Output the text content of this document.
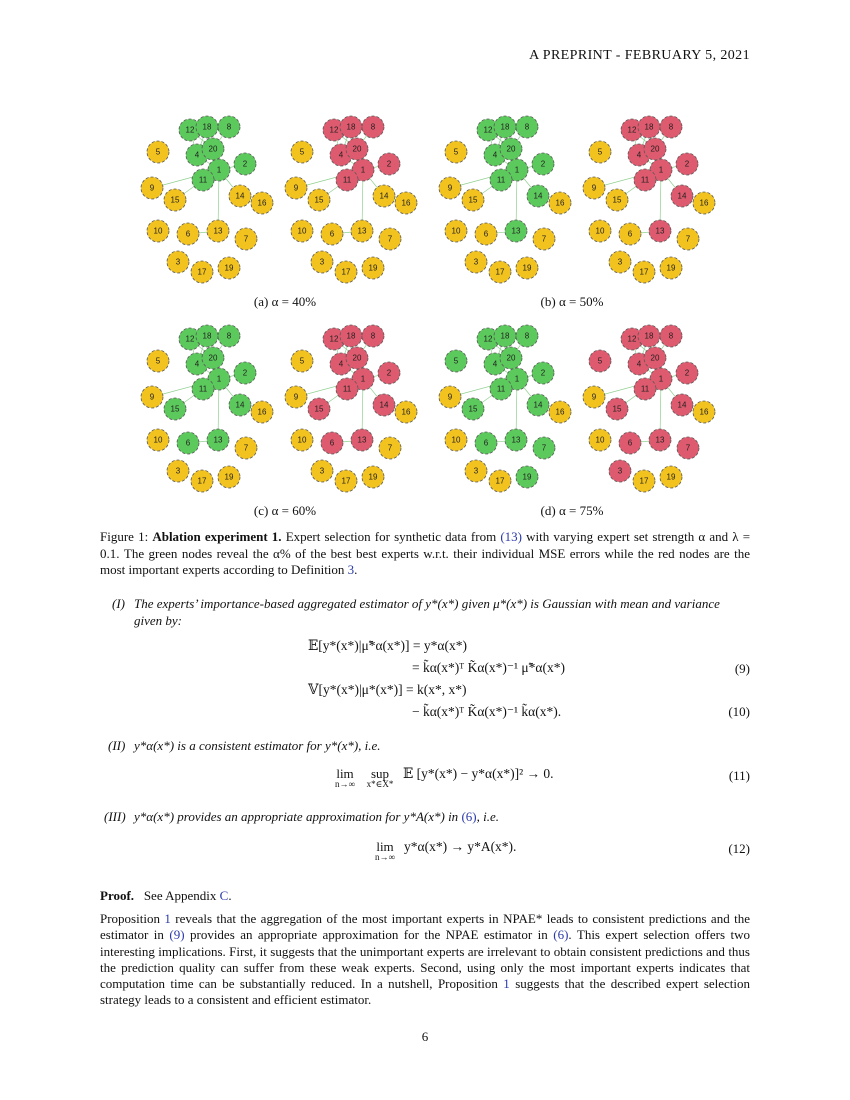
A PREPRINT - FEBRUARY 5, 2021
1
2
3
4
5
6
7
8
9
10
11
12
13
14
15	16
17
18
19
20
1
2
3
4
5
6
7
8
9
10
11
12
13
14
15	16
17
18
19
20
1
2
3
4
5
6
7
8
9
10
11
12
13
14
15	16
17
18
19
20
1
2
3
4
5
6
7
8
9
10
11
12
13
14
15	16
17
18
19
20
1
2
3
4
5
6
7
8
9
10
11
12
13
14
15	16
17
18
19
20
1
2
3
4
5
6
7
8
9
10
11
12
13
14
15	16
17
18
19
20
1
2
3
4
5
6
7
8
9
10
11
12
13
14
15	16
17
18
19
20
1
2
3
4
5
6
7
8
9
10
11
12
13
14
15	16
17
18
19
20
(a) α = 40%	(b) α = 50%
(c) α = 60%	(d) α = 75%
Figure 1: Ablation experiment 1. Expert selection for synthetic data from (13) with varying expert set strength α and λ = 0.1. The green nodes reveal the α% of the best best experts w.r.t. their individual MSE errors while the red nodes are the most important experts according to Definition 3.
(I) The experts’ importance-based aggregated estimator of y*(x*) given μ*(x*) is Gaussian with mean and variance given by:
𝔼[y*(x*)|μ̃*α(x*)] = y*α(x*)
= k̃α(x*)ᵀ K̃α(x*)⁻¹ μ̃*α(x*)	(9)
𝕍[y*(x*)|μ*(x*)] = k(x*, x*)
− k̃α(x*)ᵀ K̃α(x*)⁻¹ k̃α(x*).	(10)
(II) y*α(x*) is a consistent estimator for y*(x*), i.e.
lim
n→∞
sup
x*∈X*
𝔼 [y*(x*) − y*α(x*)]² → 0.	(11)
(III) y*α(x*) provides an appropriate approximation for y*A(x*) in (6), i.e.
lim
n→∞
y*α(x*) → y*A(x*).	(12)
Proof. See Appendix C.
Proposition 1 reveals that the aggregation of the most important experts in NPAE* leads to consistent predictions and the estimator in (9) provides an appropriate approximation for the NPAE estimator in (6). This expert selection offers two interesting implications. First, it suggests that the unimportant experts are irrelevant to obtain consistent predictions and thus the prediction quality can suffer from these weak experts. Second, using only the most important experts indicates that computation time can be substantially reduced. In a nutshell, Proposition 1 suggests that the described expert selection strategy leads to a consistent and efficient estimator.
6
